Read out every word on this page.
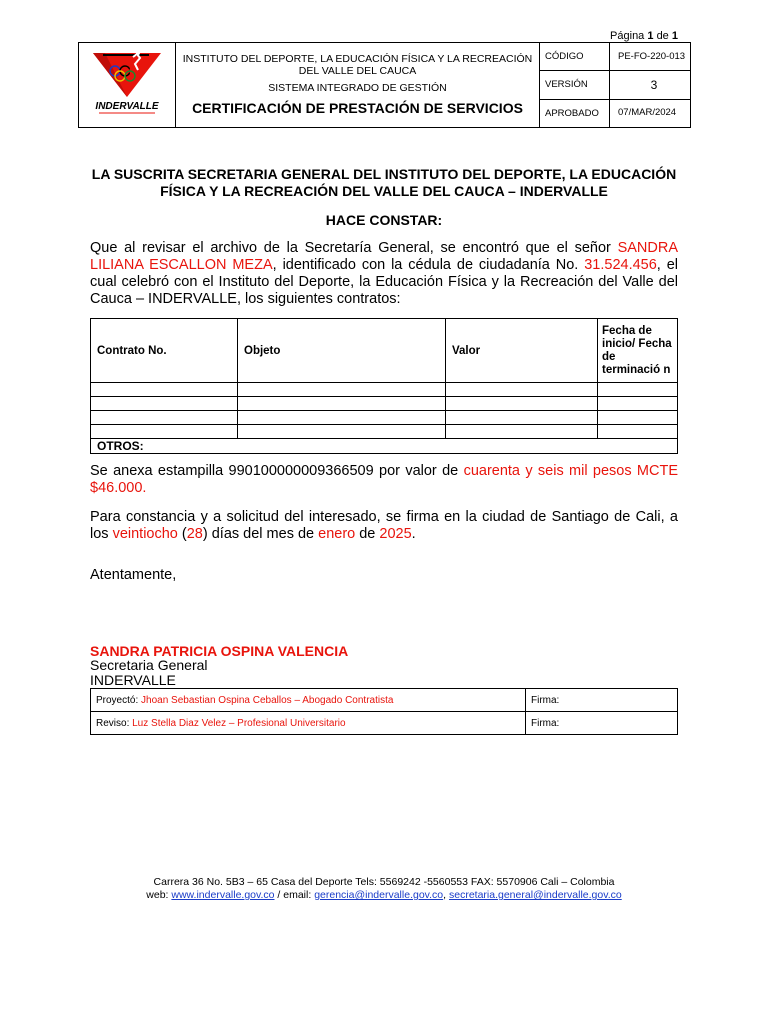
Página 1 de 1
INDERVALLE	INSTITUTO DEL DEPORTE, LA EDUCACIÓN FÍSICA Y LA RECREACIÓN DEL VALLE DEL CAUCA
SISTEMA INTEGRADO DE GESTIÓN
CERTIFICACIÓN DE PRESTACIÓN DE SERVICIOS	CÓDIGO	PE-FO-220-013
		VERSIÓN	3
		APROBADO	07/MAR/2024
LA SUSCRITA SECRETARIA GENERAL DEL INSTITUTO DEL DEPORTE, LA EDUCACIÓN FÍSICA Y LA RECREACIÓN DEL VALLE DEL CAUCA – INDERVALLE
HACE CONSTAR:

Que al revisar el archivo de la Secretaría General, se encontró que el señor SANDRA LILIANA ESCALLON MEZA, identificado con la cédula de ciudadanía No. 31.524.456, el cual celebró con el Instituto del Deporte, la Educación Física y la Recreación del Valle del Cauca – INDERVALLE, los siguientes contratos:

Contrato No.	Objeto	Valor	Fecha de inicio/ Fecha de terminació n

OTROS:			

Se anexa estampilla 990100000009366509 por valor de cuarenta y seis mil pesos MCTE $46.000.

Para constancia y a solicitud del interesado, se firma en la ciudad de Santiago de Cali, a los veintiocho (28) días del mes de enero de 2025.

Atentamente,

SANDRA PATRICIA OSPINA VALENCIA
Secretaria General
INDERVALLE
Proyectó: Jhoan Sebastian Ospina Ceballos – Abogado Contratista	Firma:
Reviso: Luz Stella Diaz Velez – Profesional Universitario	Firma:
Carrera 36 No. 5B3 – 65 Casa del Deporte Tels: 5569242 -5560553 FAX: 5570906 Cali – Colombia
web: www.indervalle.gov.co / email: gerencia@indervalle.gov.co, secretaria.general@indervalle.gov.co
